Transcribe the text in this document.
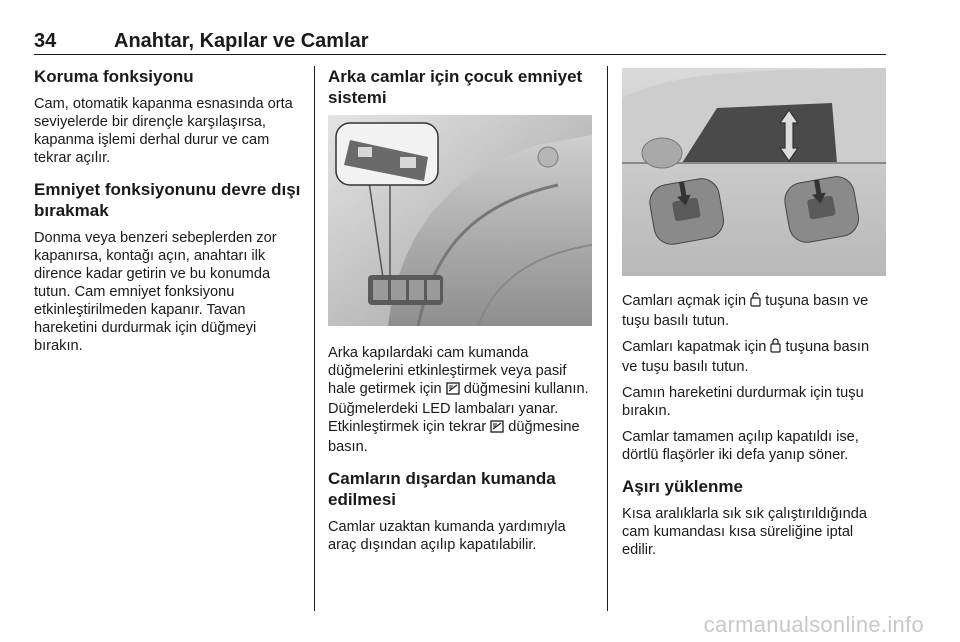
34	Anahtar, Kapılar ve Camlar
Koruma fonksiyonu

Cam, otomatik kapanma esnasında orta seviyelerde bir dirençle karşılaşırsa, kapanma işlemi derhal durur ve cam tekrar açılır.

Emniyet fonksiyonunu devre dışı bırakmak

Donma veya benzeri sebeplerden zor kapanırsa, kontağı açın, anahtarı ilk dirence kadar getirin ve bu konumda tutun. Cam emniyet fonksiyonu etkinleştirilmeden kapanır. Tavan hareketini durdurmak için düğmeyi bırakın.

Arka camlar için çocuk emniyet sistemi

Arka kapılardaki cam kumanda düğmelerini etkinleştirmek veya pasif hale getirmek için  düğmesini kullanın. Düğmelerdeki LED lambaları yanar. Etkinleştirmek için tekrar  düğmesine basın.

Camların dışardan kumanda edilmesi

Camlar uzaktan kumanda yardımıyla araç dışından açılıp kapatılabilir.

Camları açmak için  tuşuna basın ve tuşu basılı tutun.

Camları kapatmak için  tuşuna basın ve tuşu basılı tutun.

Camın hareketini durdurmak için tuşu bırakın.

Camlar tamamen açılıp kapatıldı ise, dörtlü flaşörler iki defa yanıp söner.

Aşırı yüklenme

Kısa aralıklarla sık sık çalıştırıldığında cam kumandası kısa süreliğine iptal edilir.

carmanualsonline.info
